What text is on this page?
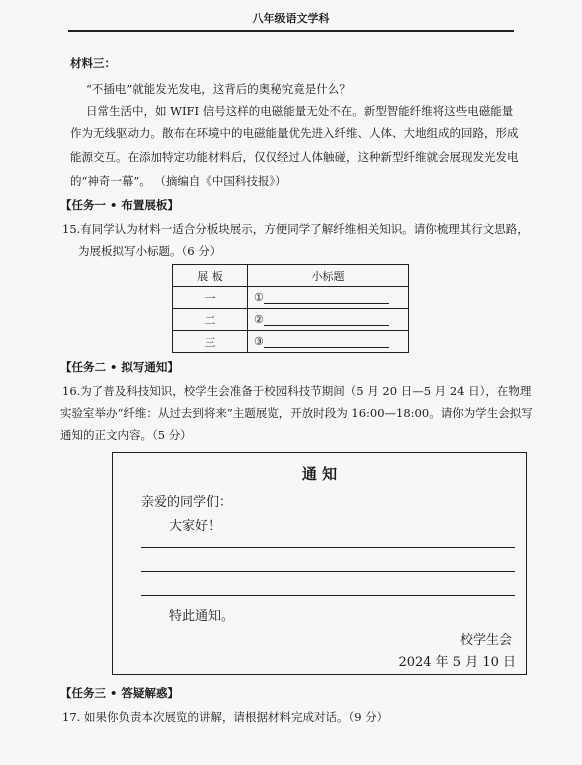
八年级语文学科
材料三：
“不插电”就能发光发电，这背后的奥秘究竟是什么？
日常生活中，如 WIFI 信号这样的电磁能量无处不在。新型智能纤维将这些电磁能量
作为无线驱动力。散布在环境中的电磁能量优先进入纤维、人体、大地组成的回路，形成
能源交互。在添加特定功能材料后，仅仅经过人体触碰，这种新型纤维就会展现发光发电
的“神奇一幕”。 （摘编自《中国科技报》）
【任务一 • 布置展板】
15.有同学认为材料一适合分板块展示，方便同学了解纤维相关知识。请你梳理其行文思路，
为展板拟写小标题。（6 分）
展 板	小标题
一	①
二	②
三	③
【任务二 • 拟写通知】
16.为了普及科技知识，校学生会准备于校园科技节期间（5 月 20 日—5 月 24 日），在物理
实验室举办“纤维：从过去到将来”主题展览，开放时段为 16:00—18:00。请你为学生会拟写
通知的正文内容。（5 分）
通 知
亲爱的同学们：
大家好！
特此通知。
校学生会
2024 年 5 月 10 日
【任务三 • 答疑解惑】
17. 如果你负责本次展览的讲解，请根据材料完成对话。（9 分）
